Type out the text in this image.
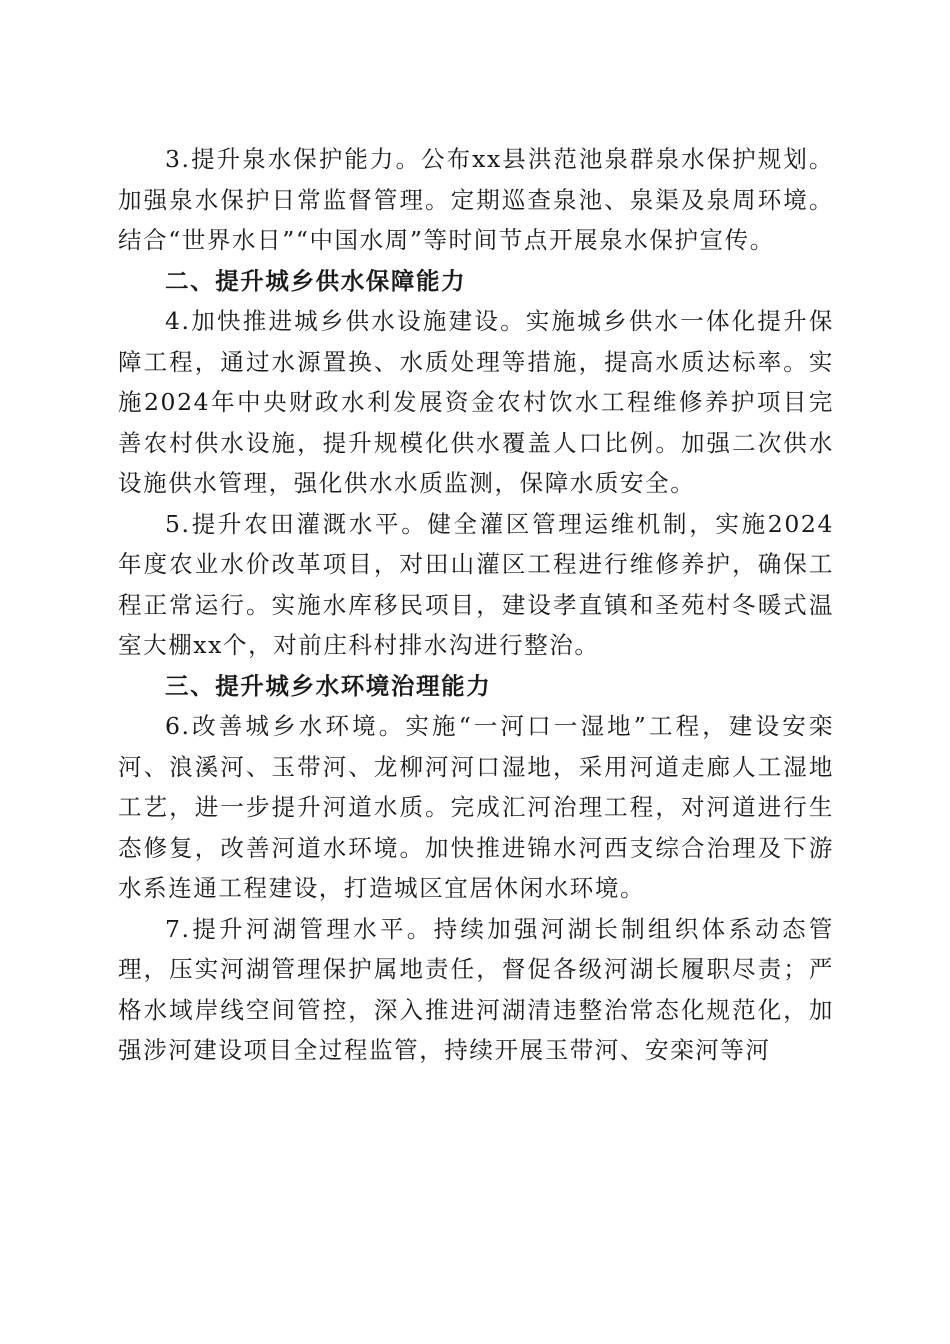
3.提升泉水保护能力。公布xx县洪范池泉群泉水保护规划。加强泉水保护日常监督管理。定期巡查泉池、泉渠及泉周环境。结合“世界水日”“中国水周”等时间节点开展泉水保护宣传。

二、提升城乡供水保障能力

4.加快推进城乡供水设施建设。实施城乡供水一体化提升保障工程，通过水源置换、水质处理等措施，提高水质达标率。实施2024年中央财政水利发展资金农村饮水工程维修养护项目完善农村供水设施，提升规模化供水覆盖人口比例。加强二次供水设施供水管理，强化供水水质监测，保障水质安全。

5.提升农田灌溉水平。健全灌区管理运维机制，实施2024年度农业水价改革项目，对田山灌区工程进行维修养护，确保工程正常运行。实施水库移民项目，建设孝直镇和圣苑村冬暖式温室大棚xx个，对前庄科村排水沟进行整治。

三、提升城乡水环境治理能力

6.改善城乡水环境。实施“一河口一湿地”工程，建设安栾河、浪溪河、玉带河、龙柳河河口湿地，采用河道走廊人工湿地工艺，进一步提升河道水质。完成汇河治理工程，对河道进行生态修复，改善河道水环境。加快推进锦水河西支综合治理及下游水系连通工程建设，打造城区宜居休闲水环境。

7.提升河湖管理水平。持续加强河湖长制组织体系动态管理，压实河湖管理保护属地责任，督促各级河湖长履职尽责；严格水域岸线空间管控，深入推进河湖清违整治常态化规范化，加强涉河建设项目全过程监管，持续开展玉带河、安栾河等河
